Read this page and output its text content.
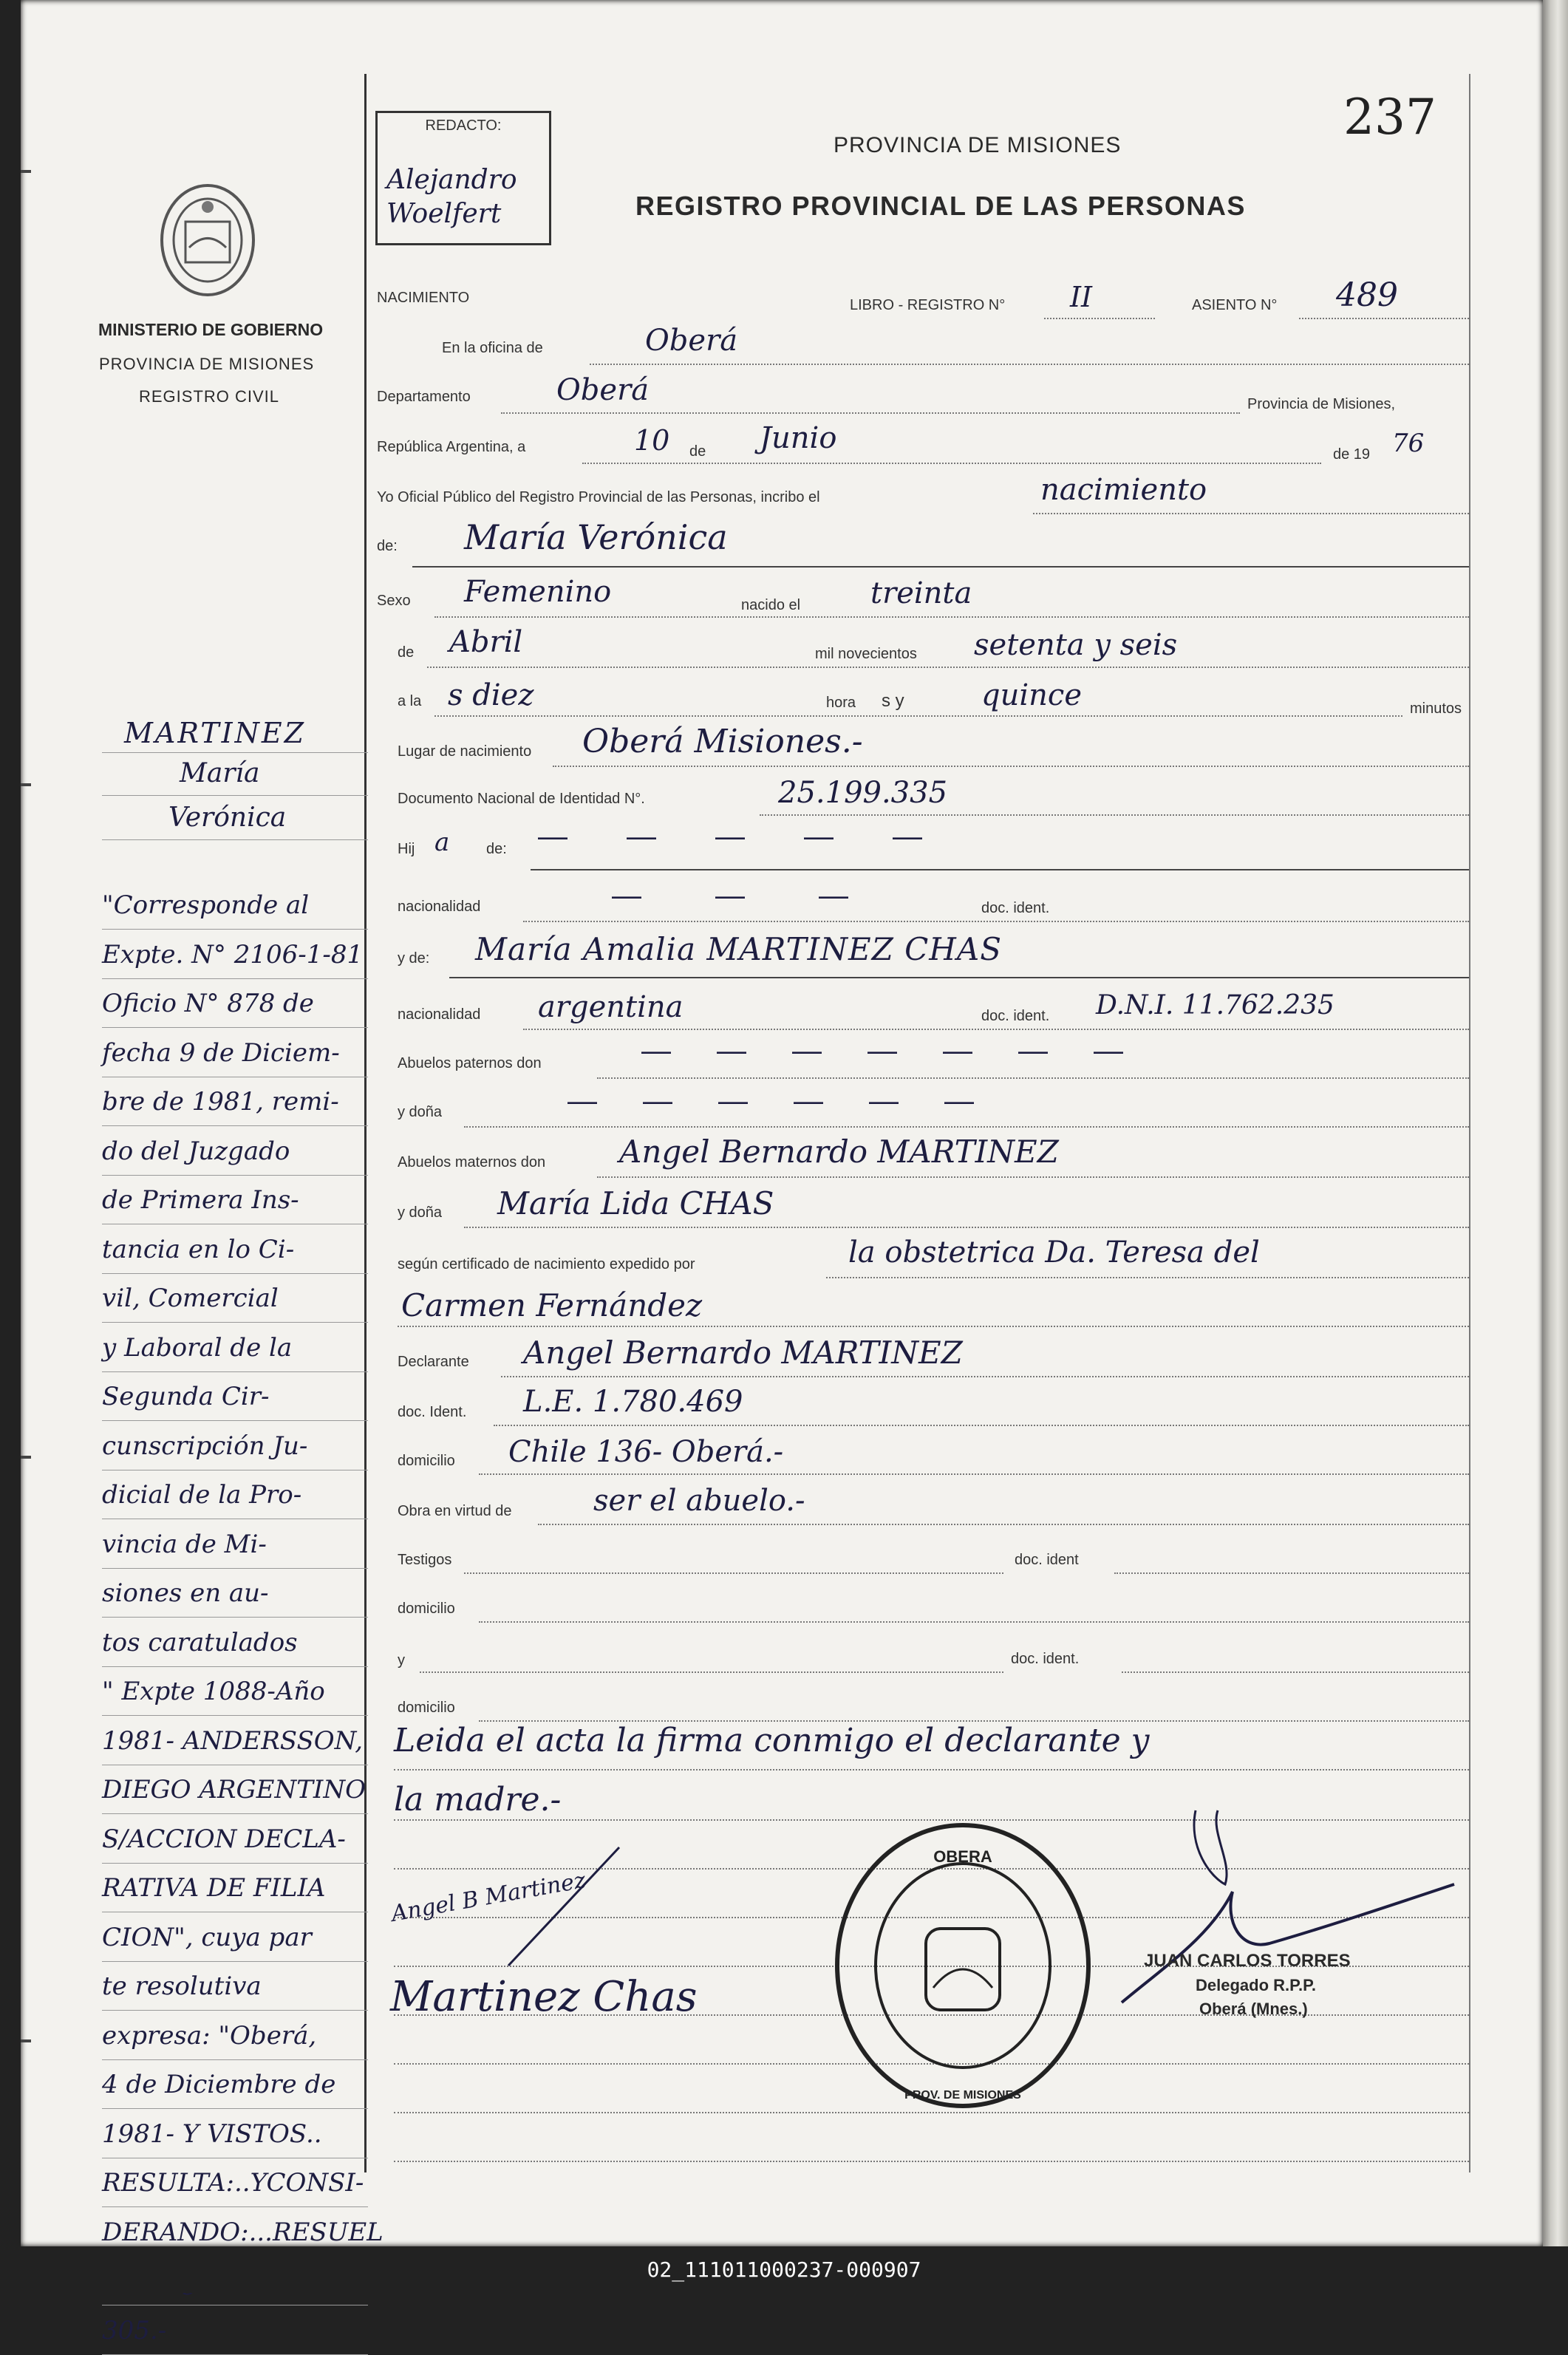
237
REDACTO:
Alejandro
Woelfert
PROVINCIA DE MISIONES
REGISTRO PROVINCIAL DE LAS PERSONAS
MINISTERIO DE GOBIERNO
PROVINCIA DE MISIONES
REGISTRO CIVIL
NACIMIENTO	LIBRO - REGISTRO N° II	ASIENTO N° 489
En la oficina de	Oberá
Departamento	Oberá	Provincia de Misiones,
República Argentina, a	10 de Junio	de 19 76
Yo Oficial Público del Registro Provincial de las Personas, incribo el	nacimiento
de: María Verónica
Sexo Femenino	nacido el treinta
de Abril	mil novecientos setenta y seis
a la s diez	hora s y	quince	minutos
Lugar de nacimiento Oberá Misiones.-
Documento Nacional de Identidad N°.	25.199.335
Hij a de: —————
nacionalidad	———	doc. ident.
y de: María Amalia MARTINEZ CHAS
nacionalidad argentina	doc. ident. D.N.I. 11.762.235
Abuelos paternos don	———————
y doña	——————
Abuelos maternos don Angel Bernardo MARTINEZ
y doña María Lida CHAS
según certificado de nacimiento expedido por	la obstetrica Da. Teresa del
Carmen Fernández
Declarante Angel Bernardo MARTINEZ
doc. Ident. L.E. 1.780.469
domicilio Chile 136- Oberá.-
Obra en virtud de	ser el abuelo.-
Testigos	doc. ident
domicilio
y	doc. ident.
domicilio
Leida el acta la firma conmigo el declarante y
la madre.-
Angel B Martinez
Martinez Chas
OBERA
PROV. DE MISIONES
JUAN CARLOS TORRES
Delegado R.P.P.
Oberá (Mnes.)
MARTINEZ
María
Verónica
"Corresponde al
Expte. N° 2106-1-81
Oficio N° 878 de
fecha 9 de Diciem-
bre de 1981, remi-
do del Juzgado
de Primera Ins-
tancia en lo Ci-
vil, Comercial
y Laboral de la
Segunda Cir-
cunscripción Ju-
dicial de la Pro-
vincia de Mi-
siones en au-
tos caratulados
" Expte 1088-Año
1981- ANDERSSON,
DIEGO ARGENTINO
S/ACCION DECLA-
RATIVA DE FILIA
CION", cuya par
te resolutiva
expresa: "Oberá,
4 de Diciembre de
1981- Y VISTOS..
RESULTA:..YCONSI-
DERANDO:...RESUEL
305.-
02_111011000237-000907
